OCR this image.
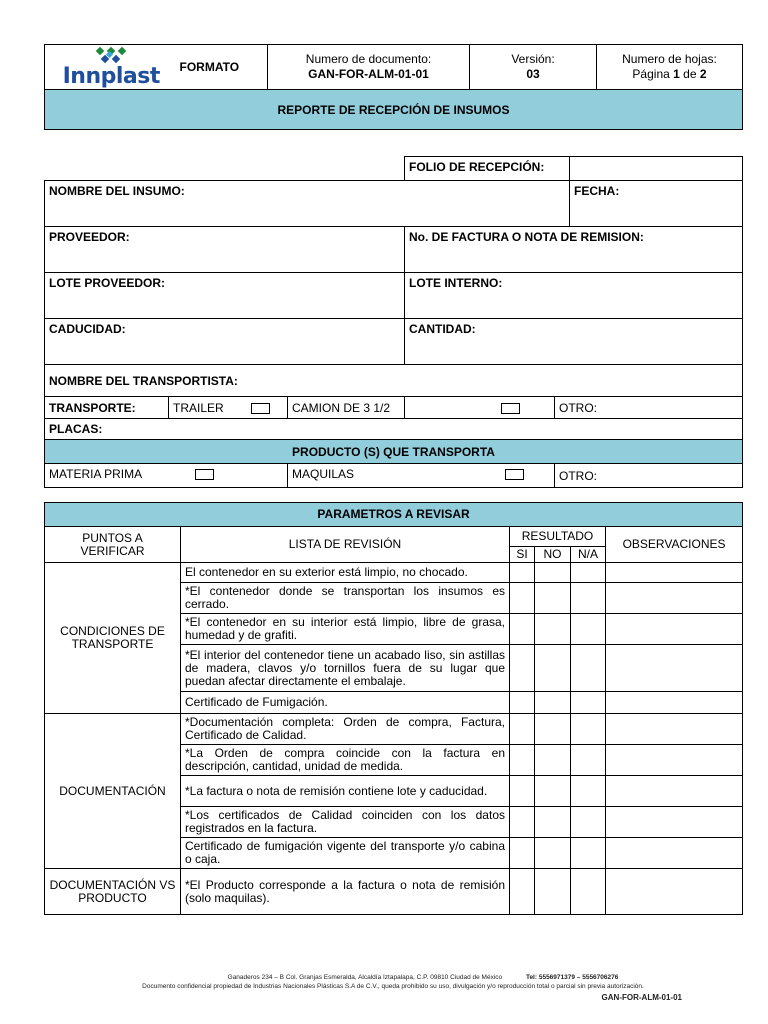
Innplast	FORMATO	
Numero de documento:
GAN-FOR-ALM-01-01

Versión:
03

Numero de hojas:
Página 1 de 2

REPORTE DE RECEPCIÓN DE INSUMOS
			FOLIO DE RECEPCIÓN:		
NOMBRE DEL INSUMO:					FECHA:
PROVEEDOR:			No. DE FACTURA O NOTA DE REMISION:		
LOTE PROVEEDOR:			LOTE INTERNO:		
CADUCIDAD:			CANTIDAD:		
NOMBRE DEL TRANSPORTISTA:					
TRANSPORTE:	TRAILER	CAMION DE 3 1/2		OTRO:	
PLACAS:					
PRODUCTO (S) QUE TRANSPORTA					
MATERIA PRIMA		MAQUILAS		OTRO:	
PARAMETROS A REVISAR					
PUNTOS A VERIFICAR	LISTA DE REVISIÓN	RESULTADO			OBSERVACIONES
		SI	NO	N/A	
CONDICIONES DE TRANSPORTE	El contenedor en su exterior está limpio, no chocado.				
	*El contenedor donde se transportan los insumos es cerrado.				
	*El contenedor en su interior está limpio, libre de grasa, humedad y de grafiti.				
	*El interior del contenedor tiene un acabado liso, sin astillas de madera, clavos y/o tornillos fuera de su lugar que puedan afectar directamente el embalaje.				
	Certificado de Fumigación.				
DOCUMENTACIÓN	*Documentación completa: Orden de compra, Factura, Certificado de Calidad.				
	*La Orden de compra coincide con la factura en descripción, cantidad, unidad de medida.				
	*La factura o nota de remisión contiene lote y caducidad.				
	*Los certificados de Calidad coinciden con los datos registrados en la factura.				
	Certificado de fumigación vigente del transporte y/o cabina o caja.				
DOCUMENTACIÓN VS PRODUCTO	*El Producto corresponde a la factura o nota de remisión (solo maquilas).				
Ganaderos 234 – B Col. Granjas Esmeralda, Alcaldía Iztapalapa, C.P. 09810 Ciudad de México	Tel: 5556971379 – 5556706276
Documento confidencial propiedad de Industrias Nacionales Plásticas S.A de C.V., queda prohibido su uso, divulgación y/o reproducción total o parcial sin previa autorización.
GAN-FOR-ALM-01-01
